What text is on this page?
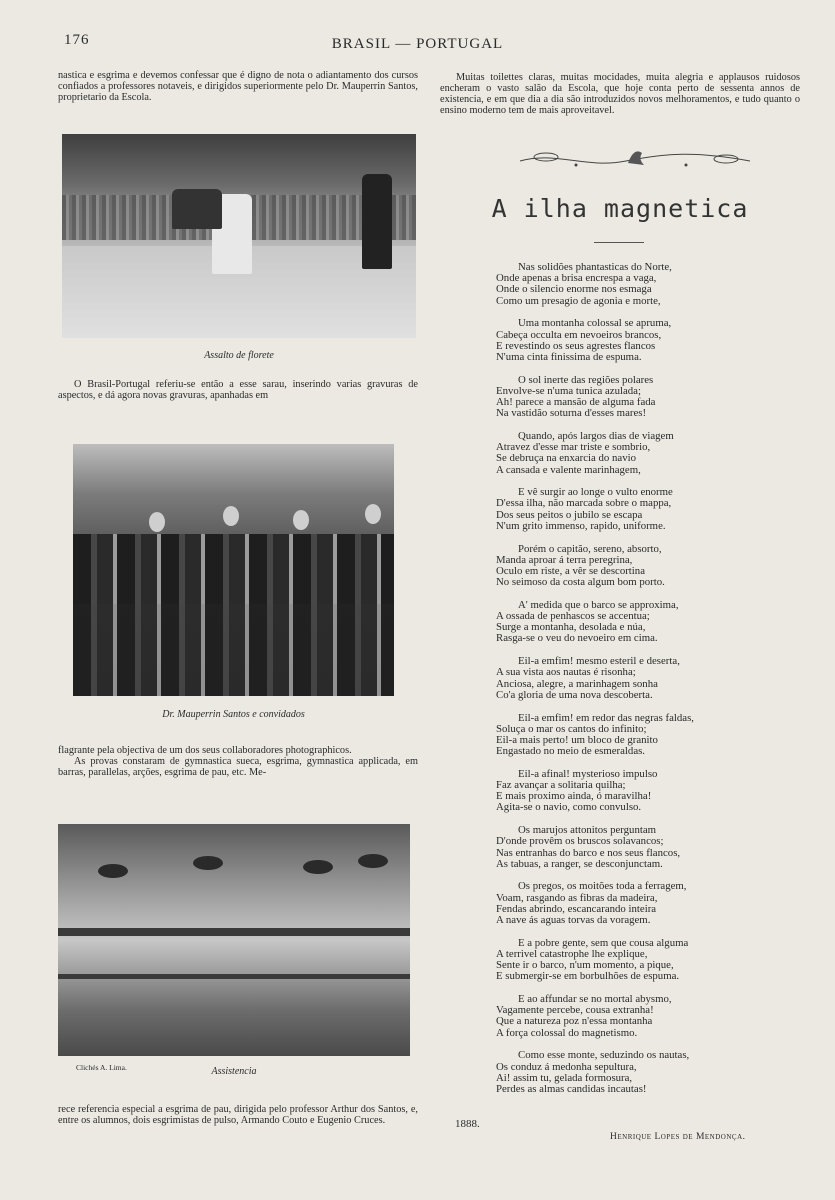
176	BRASIL — PORTUGAL

nastica e esgrima e devemos confessar que é digno de nota o adiantamento dos cursos confiados a professores notaveis, e dirigidos superiormente pelo Dr. Mauperrin Santos, proprietario da Escola.

Assalto de florete

O Brasil-Portugal referiu-se então a esse sarau, inserindo varias gravuras de aspectos, e dá agora novas gravuras, apanhadas em

Dr. Mauperrin Santos e convidados

flagrante pela objectiva de um dos seus collaboradores photographicos.

As provas constaram de gymnastica sueca, esgrima, gymnastica applicada, em barras, parallelas, arções, esgrima de pau, etc. Me-

Clichés A. Lima.	Assistencia

rece referencia especial a esgrima de pau, dirigida pelo professor Arthur dos Santos, e, entre os alumnos, dois esgrimistas de pulso, Armando Couto e Eugenio Cruces.

Muitas toilettes claras, muitas mocidades, muita alegria e applausos ruidosos encheram o vasto salão da Escola, que hoje conta perto de sessenta annos de existencia, e em que dia a dia são introduzidos novos melhoramentos, e tudo quanto o ensino moderno tem de mais aproveitavel.

A ilha magnetica
Nas solidões phantasticas do Norte,
Onde apenas a brisa encrespa a vaga,
Onde o silencio enorme nos esmaga
Como um presagio de agonia e morte,
Uma montanha colossal se apruma,
Cabeça occulta em nevoeiros brancos,
E revestindo os seus agrestes flancos
N'uma cinta finissima de espuma.
O sol inerte das regiões polares
Envolve-se n'uma tunica azulada;
Ah! parece a mansão de alguma fada
Na vastidão soturna d'esses mares!
Quando, após largos dias de viagem
Atravez d'esse mar triste e sombrio,
Se debruça na enxarcia do navio
A cansada e valente marinhagem,
E vê surgir ao longe o vulto enorme
D'essa ilha, não marcada sobre o mappa,
Dos seus peitos o jubilo se escapa
N'um grito immenso, rapido, uniforme.
Porém o capitão, sereno, absorto,
Manda aproar á terra peregrina,
Oculo em riste, a vêr se descortina
No seimoso da costa algum bom porto.
A' medida que o barco se approxima,
A ossada de penhascos se accentua;
Surge a montanha, desolada e núa,
Rasga-se o veu do nevoeiro em cima.
Eil-a emfim! mesmo esteril e deserta,
A sua vista aos nautas é risonha;
Anciosa, alegre, a marinhagem sonha
Co'a gloria de uma nova descoberta.
Eil-a emfim! em redor das negras faldas,
Soluça o mar os cantos do infinito;
Eil-a mais perto! um bloco de granito
Engastado no meio de esmeraldas.
Eil-a afinal! mysterioso impulso
Faz avançar a solitaria quilha;
E mais proximo ainda, ó maravilha!
Agita-se o navio, como convulso.
Os marujos attonitos perguntam
D'onde provêm os bruscos solavancos;
Nas entranhas do barco e nos seus flancos,
As tabuas, a ranger, se desconjunctam.
Os pregos, os moitões toda a ferragem,
Voam, rasgando as fibras da madeira,
Fendas abrindo, escancarando inteira
A nave ás aguas torvas da voragem.
E a pobre gente, sem que cousa alguma
A terrivel catastrophe lhe explique,
Sente ir o barco, n'um momento, a pique,
E submergir-se em borbulhões de espuma.
E ao affundar se no mortal abysmo,
Vagamente percebe, cousa extranha!
Que a natureza poz n'essa montanha
A força colossal do magnetismo.
Como esse monte, seduzindo os nautas,
Os conduz á medonha sepultura,
Ai! assim tu, gelada formosura,
Perdes as almas candidas incautas!
1888.
Henrique Lopes de Mendonça.
